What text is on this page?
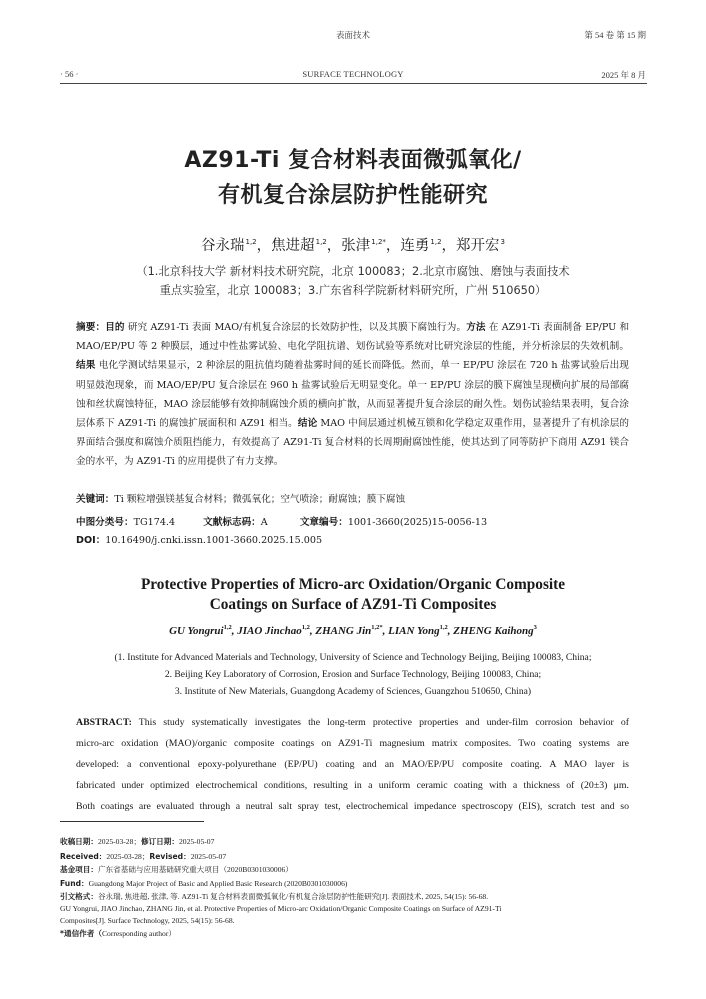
表面技术
SURFACE TECHNOLOGY
· 56 ·
第 54 卷 第 15 期
2025 年 8 月
AZ91-Ti 复合材料表面微弧氧化/
有机复合涂层防护性能研究
谷永瑞$^{1,2}$，焦进超$^{1,2}$，张津$^{1,2*}$，连勇$^{1,2}$，郑开宏$^3$
（1.北京科技大学 新材料技术研究院，北京 100083；2.北京市腐蚀、磨蚀与表面技术
重点实验室，北京 100083；3.广东省科学院新材料研究所，广州 510650）
摘要：目的 研究 AZ91-Ti 表面 MAO/有机复合涂层的长效防护性，以及其膜下腐蚀行为。方法 在 AZ91-Ti 表面制备 EP/PU 和 MAO/EP/PU 等 2 种膜层，通过中性盐雾试验、电化学阻抗谱、划伤试验等系统对比研究涂层的性能，并分析涂层的失效机制。结果 电化学测试结果显示，2 种涂层的阻抗值均随着盐雾时间的延长而降低。然而，单一 EP/PU 涂层在 720 h 盐雾试验后出现明显鼓泡现象，而 MAO/EP/PU 复合涂层在 960 h 盐雾试验后无明显变化。单一 EP/PU 涂层的膜下腐蚀呈现横向扩展的局部腐蚀和丝状腐蚀特征，MAO 涂层能够有效抑制腐蚀介质的横向扩散，从而显著提升复合涂层的耐久性。划伤试验结果表明，复合涂层体系下 AZ91-Ti 的腐蚀扩展面积和 AZ91 相当。结论 MAO 中间层通过机械互锁和化学稳定双重作用，显著提升了有机涂层的界面结合强度和腐蚀介质阻挡能力，有效提高了 AZ91-Ti 复合材料的长周期耐腐蚀性能，使其达到了同等防护下商用 AZ91 镁合金的水平，为 AZ91-Ti 的应用提供了有力支撑。
关键词：Ti 颗粒增强镁基复合材料；微弧氧化；空气喷涂；耐腐蚀；膜下腐蚀
中图分类号：TG174.4	文献标志码：A	文章编号：1001-3660(2025)15-0056-13
DOI：10.16490/j.cnki.issn.1001-3660.2025.15.005
Protective Properties of Micro-arc Oxidation/Organic Composite
Coatings on Surface of AZ91-Ti Composites
GU Yongrui$^{1,2}$, JIAO Jinchao$^{1,2}$, ZHANG Jin$^{1,2*}$, LIAN Yong$^{1,2}$, ZHENG Kaihong$^3$
(1. Institute for Advanced Materials and Technology, University of Science and Technology Beijing, Beijing 100083, China;
2. Beijing Key Laboratory of Corrosion, Erosion and Surface Technology, Beijing 100083, China;
3. Institute of New Materials, Guangdong Academy of Sciences, Guangzhou 510650, China)
ABSTRACT: This study systematically investigates the long-term protective properties and under-film corrosion behavior of
micro-arc oxidation (MAO)/organic composite coatings on AZ91-Ti magnesium matrix composites. Two coating systems are
developed: a conventional epoxy-polyurethane (EP/PU) coating and an MAO/EP/PU composite coating. A MAO layer is
fabricated under optimized electrochemical conditions, resulting in a uniform ceramic coating with a thickness of (20±3) μm.
Both coatings are evaluated through a neutral salt spray test, electrochemical impedance spectroscopy (EIS), scratch test and so
收稿日期：2025-03-28；修订日期：2025-05-07
Received：2025-03-28；Revised：2025-05-07
基金项目：广东省基础与应用基础研究重大项目（2020B0301030006）
Fund：Guangdong Major Project of Basic and Applied Basic Research (2020B0301030006)
引文格式：谷永瑞, 焦进超, 张津, 等. AZ91-Ti 复合材料表面微弧氧化/有机复合涂层防护性能研究[J]. 表面技术, 2025, 54(15): 56-68.
GU Yongrui, JIAO Jinchao, ZHANG Jin, et al. Protective Properties of Micro-arc Oxidation/Organic Composite Coatings on Surface of AZ91-Ti
Composites[J]. Surface Technology, 2025, 54(15): 56-68.
*通信作者（Corresponding author）
